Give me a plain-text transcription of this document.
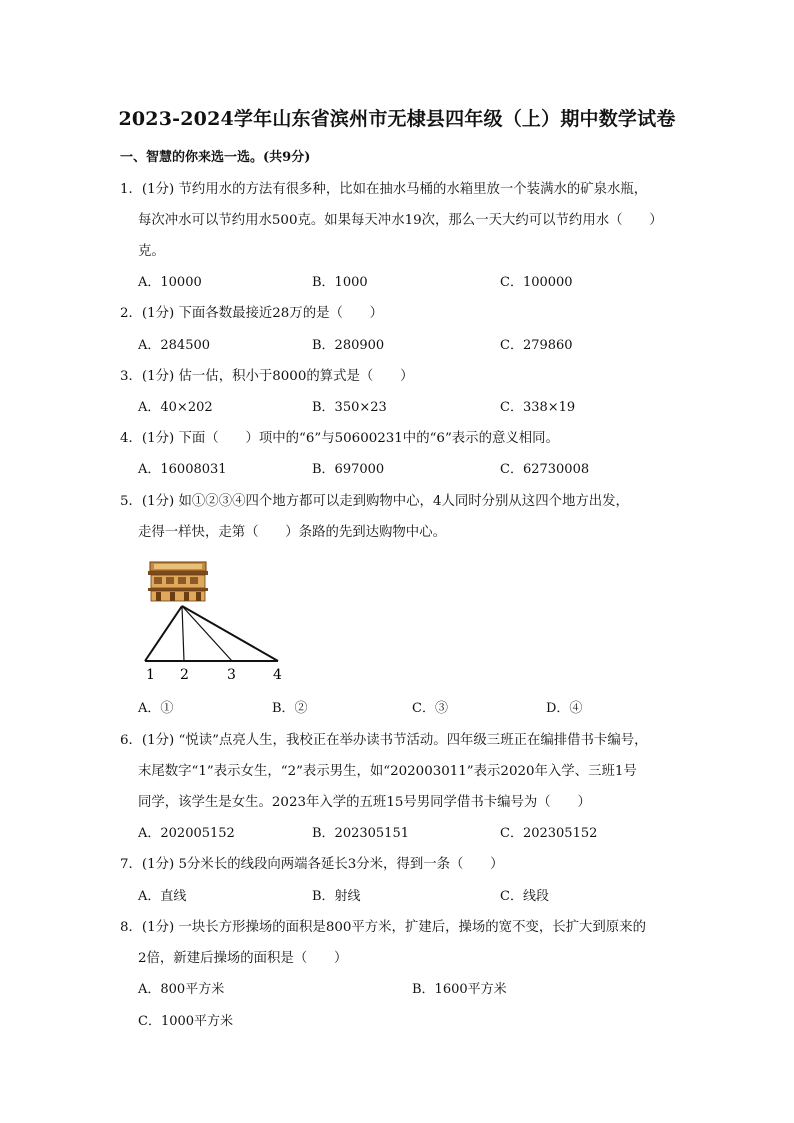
2023-2024学年山东省滨州市无棣县四年级（上）期中数学试卷
一、智慧的你来选一选。(共9分)
1．(1分) 节约用水的方法有很多种，比如在抽水马桶的水箱里放一个装满水的矿泉水瓶，
每次冲水可以节约用水500克。如果每天冲水19次，那么一天大约可以节约用水（　　）
克。
A．10000	B．1000	C．100000
2．(1分) 下面各数最接近28万的是（　　）
A．284500	B．280900	C．279860
3．(1分) 估一估，积小于8000的算式是（　　）
A．40×202	B．350×23	C．338×19
4．(1分) 下面（　　）项中的“6”与50600231中的“6”表示的意义相同。
A．16008031	B．697000	C．62730008
5．(1分) 如①②③④四个地方都可以走到购物中心，4人同时分别从这四个地方出发，
走得一样快，走第（　　）条路的先到达购物中心。
1 2	3	4
A．①	B．②	C．③	D．④
6．(1分) “悦读”点亮人生，我校正在举办读书节活动。四年级三班正在编排借书卡编号，
末尾数字“1”表示女生，“2”表示男生，如“202003011”表示2020年入学、三班1号
同学，该学生是女生。2023年入学的五班15号男同学借书卡编号为（　　）
A．202005152	B．202305151	C．202305152
7．(1分) 5分米长的线段向两端各延长3分米，得到一条（　　）
A．直线	B．射线	C．线段
8．(1分) 一块长方形操场的面积是800平方米，扩建后，操场的宽不变，长扩大到原来的
2倍，新建后操场的面积是（　　）
A．800平方米	B．1600平方米
C．1000平方米
